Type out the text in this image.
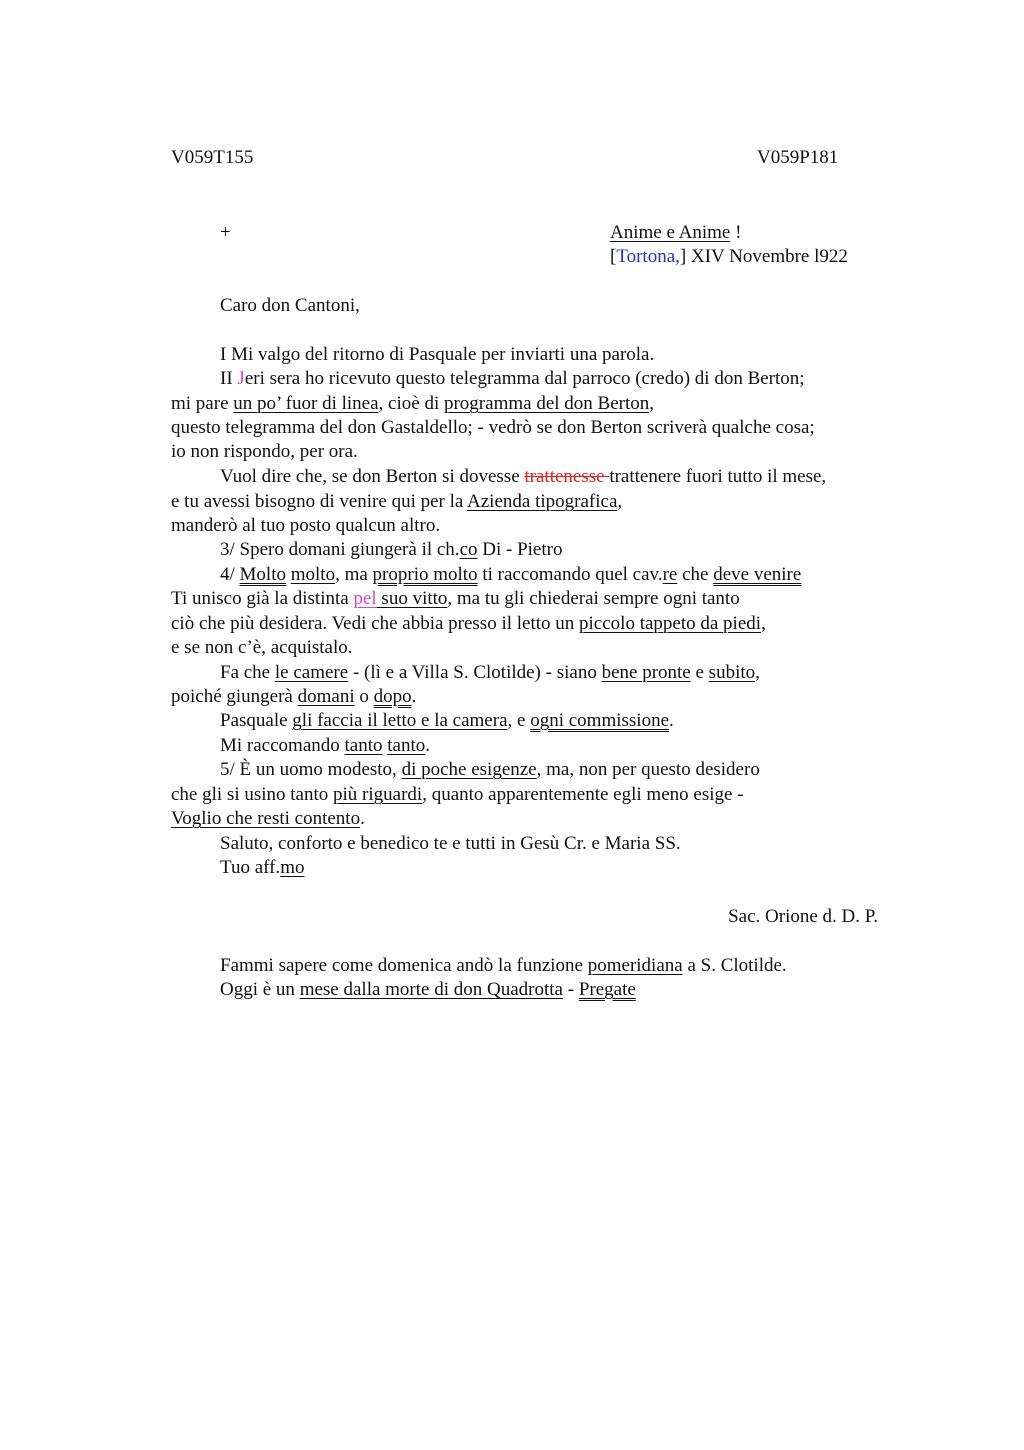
V059T155	V059P181
+	Anime e Anime !
[Tortona,] XIV Novembre l922
Caro don Cantoni,
I Mi valgo del ritorno di Pasquale per inviarti una parola.
II Jeri sera ho ricevuto questo telegramma dal parroco (credo) di don Berton;
mi pare un po’ fuor di linea, cioè di programma del don Berton,
questo telegramma del don Gastaldello; - vedrò se don Berton scriverà qualche cosa;
io non rispondo, per ora.
Vuol dire che, se don Berton si dovesse trattenesse trattenere fuori tutto il mese,
e tu avessi bisogno di venire qui per la Azienda tipografica,
manderò al tuo posto qualcun altro.
3/ Spero domani giungerà il ch.co Di - Pietro
4/ Molto molto, ma proprio molto ti raccomando quel cav.re che deve venire
Ti unisco già la distinta pel suo vitto, ma tu gli chiederai sempre ogni tanto
ciò che più desidera. Vedi che abbia presso il letto un piccolo tappeto da piedi,
e se non c’è, acquistalo.
Fa che le camere - (lì e a Villa S. Clotilde) - siano bene pronte e subito,
poiché giungerà domani o dopo.
Pasquale gli faccia il letto e la camera, e ogni commissione.
Mi raccomando tanto tanto.
5/ È un uomo modesto, di poche esigenze, ma, non per questo desidero
che gli si usino tanto più riguardi, quanto apparentemente egli meno esige -
Voglio che resti contento.
Saluto, conforto e benedico te e tutti in Gesù Cr. e Maria SS.
Tuo aff.mo
Sac. Orione d. D. P.
Fammi sapere come domenica andò la funzione pomeridiana a S. Clotilde.
Oggi è un mese dalla morte di don Quadrotta - Pregate
